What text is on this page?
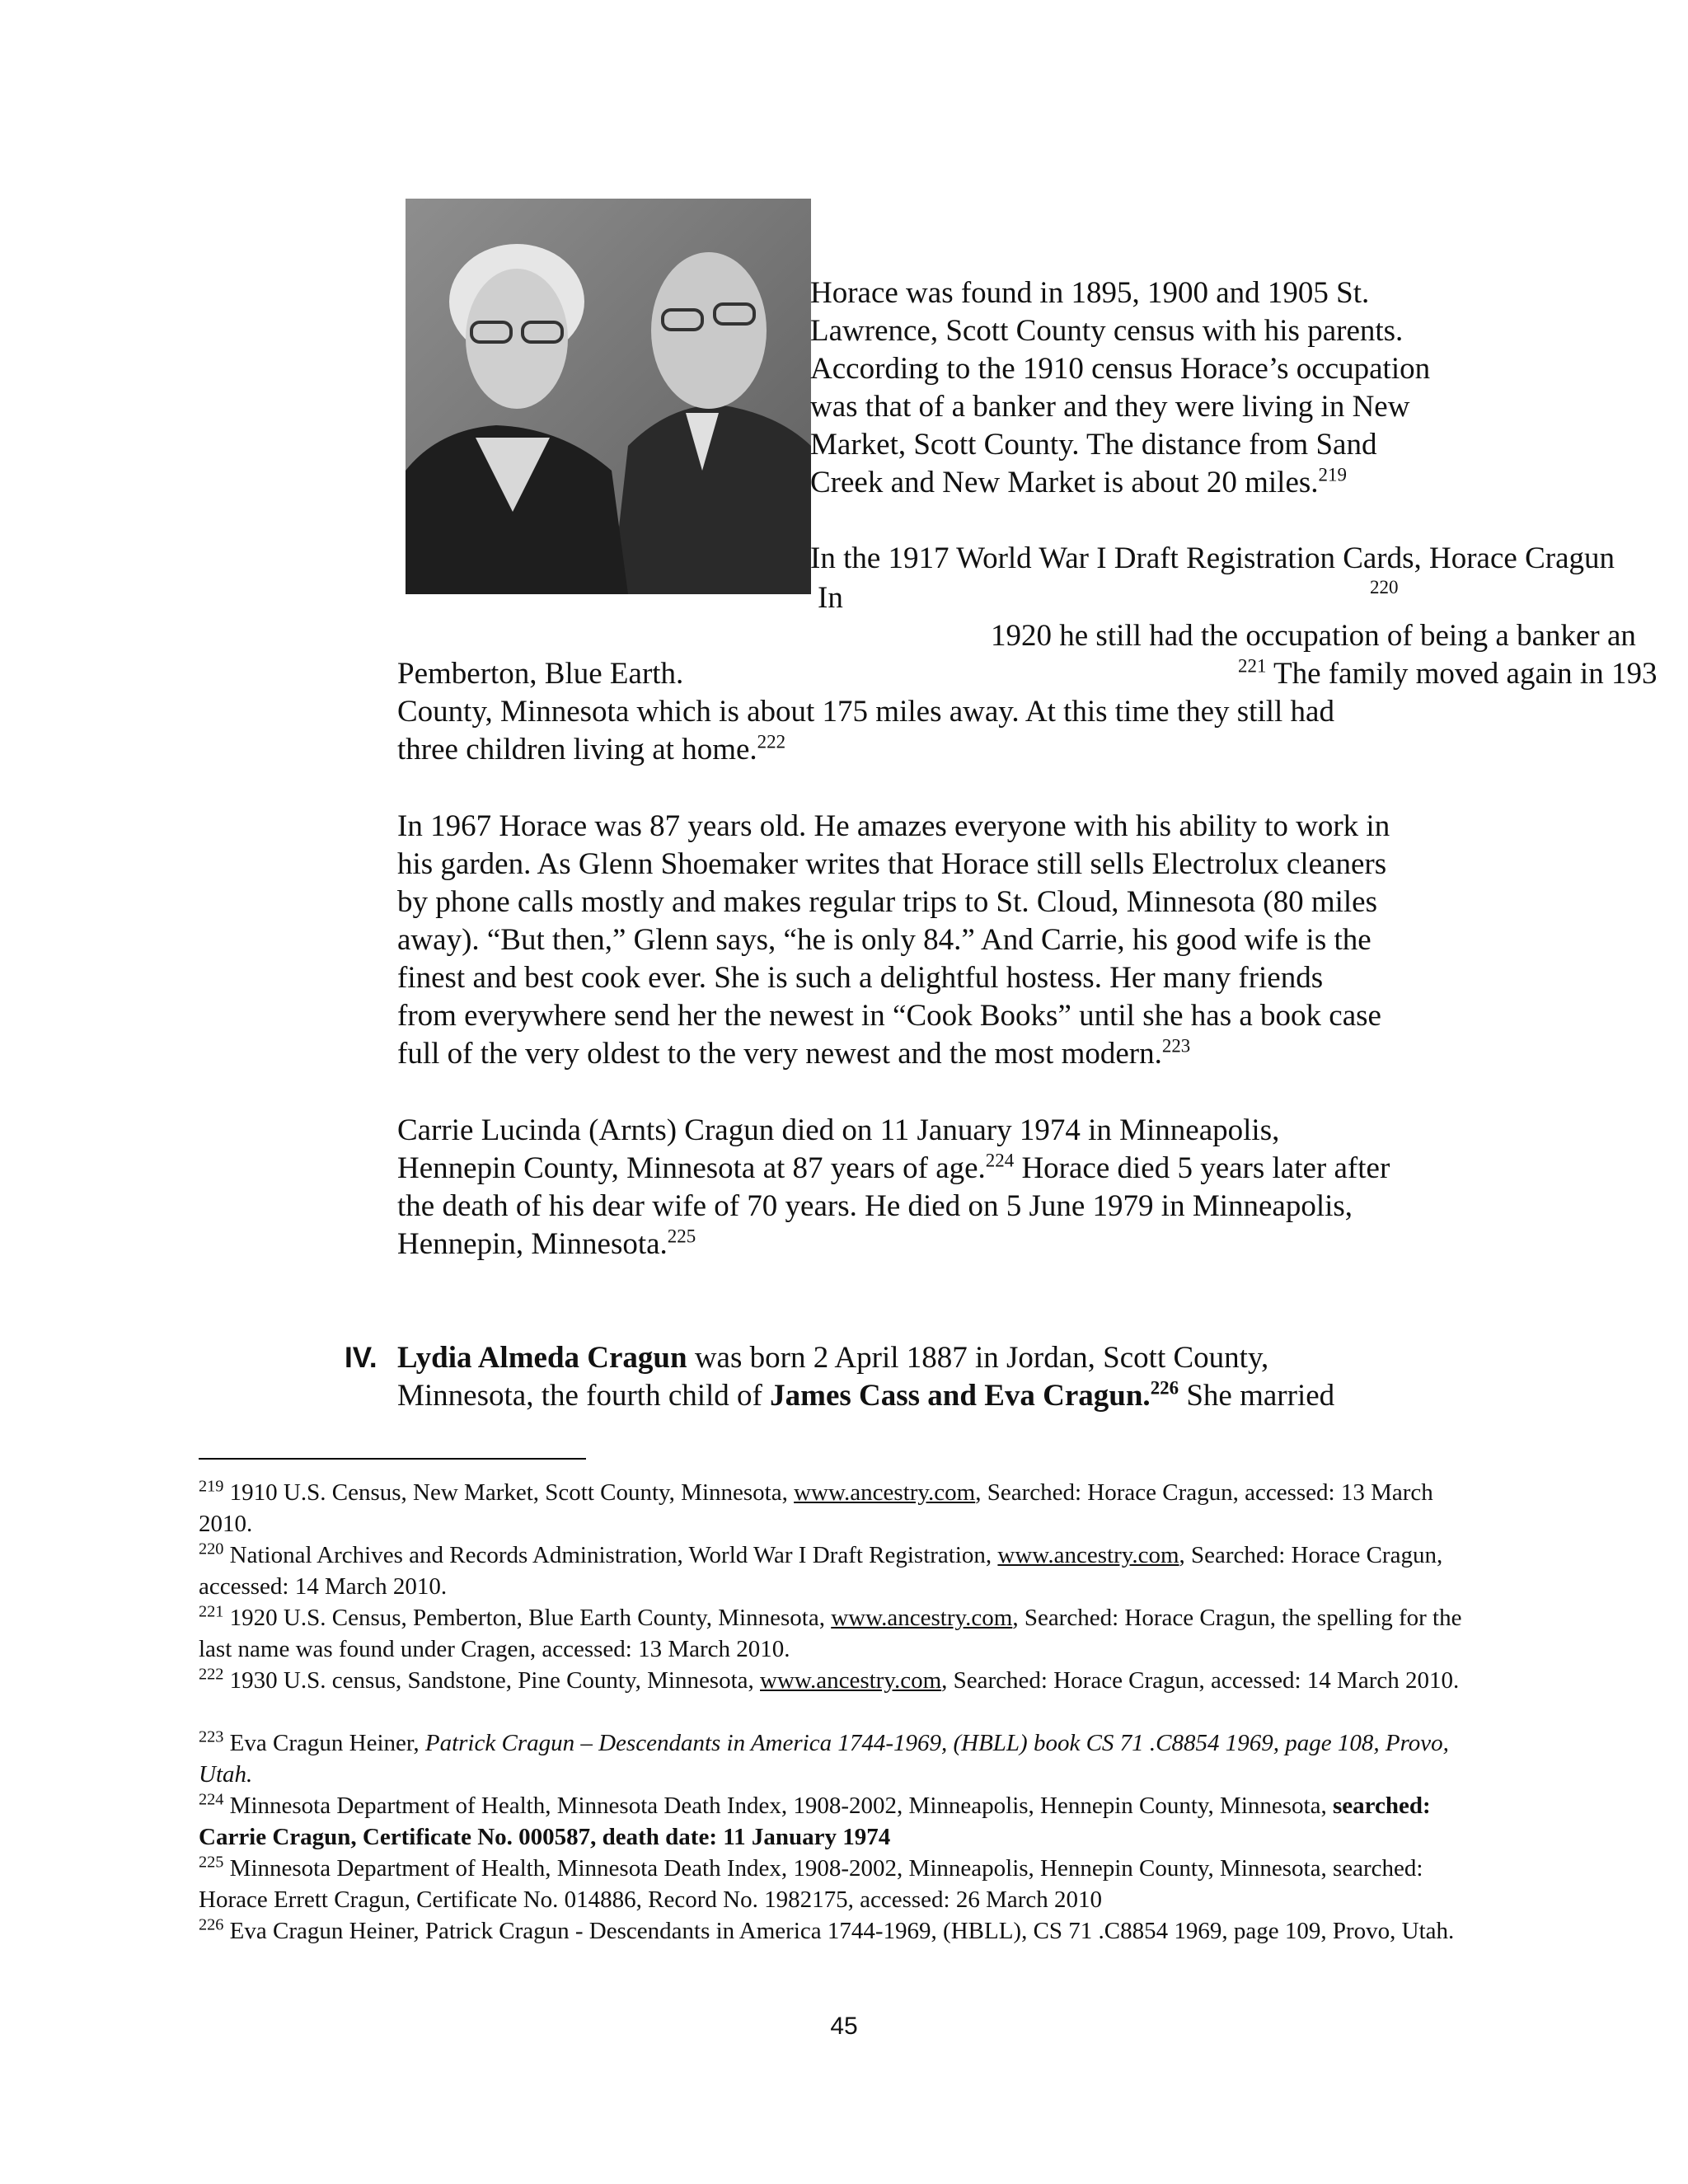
Horace was found in 1895, 1900 and 1905 St.
Lawrence, Scott County census with his parents.
According to the 1910 census Horace’s occupation
was that of a banker and they were living in New
Market, Scott County. The distance from Sand
Creek and New Market is about 20 miles.$^{219}$
In the 1917 World War I Draft Registration Cards, Horace Cragun
In	220
1920 he still had the occupation of being a banker an
Pemberton, Blue Earth.	$^{221}$ The family moved again in 193
County, Minnesota which is about 175 miles away. At this time they still had
three children living at home.$^{222}$
In 1967 Horace was 87 years old. He amazes everyone with his ability to work in
his garden. As Glenn Shoemaker writes that Horace still sells Electrolux cleaners
by phone calls mostly and makes regular trips to St. Cloud, Minnesota (80 miles
away). “But then,” Glenn says, “he is only 84.” And Carrie, his good wife is the
finest and best cook ever. She is such a delightful hostess. Her many friends
from everywhere send her the newest in “Cook Books” until she has a book case
full of the very oldest to the very newest and the most modern.$^{223}$
Carrie Lucinda (Arnts) Cragun died on 11 January 1974 in Minneapolis,
Hennepin County, Minnesota at 87 years of age.$^{224}$ Horace died 5 years later after
the death of his dear wife of 70 years. He died on 5 June 1979 in Minneapolis,
Hennepin, Minnesota.$^{225}$
IV. Lydia Almeda Cragun was born 2 April 1887 in Jordan, Scott County,
Minnesota, the fourth child of James Cass and Eva Cragun.$^{226}$ She married
$^{219}$ 1910 U.S. Census, New Market, Scott County, Minnesota, www.ancestry.com, Searched: Horace Cragun, accessed: 13 March 2010.
$^{220}$ National Archives and Records Administration, World War I Draft Registration, www.ancestry.com, Searched: Horace Cragun, accessed: 14 March 2010.
$^{221}$ 1920 U.S. Census, Pemberton, Blue Earth County, Minnesota, www.ancestry.com, Searched: Horace Cragun, the spelling for the last name was found under Cragen, accessed: 13 March 2010.
$^{222}$ 1930 U.S. census, Sandstone, Pine County, Minnesota, www.ancestry.com, Searched: Horace Cragun, accessed: 14 March 2010.
$^{223}$ Eva Cragun Heiner, Patrick Cragun – Descendants in America 1744-1969, (HBLL) book CS 71 .C8854 1969, page 108, Provo, Utah.
$^{224}$ Minnesota Department of Health, Minnesota Death Index, 1908-2002, Minneapolis, Hennepin County, Minnesota, searched: Carrie Cragun, Certificate No. 000587, death date: 11 January 1974
$^{225}$ Minnesota Department of Health, Minnesota Death Index, 1908-2002, Minneapolis, Hennepin County, Minnesota, searched: Horace Errett Cragun, Certificate No. 014886, Record No. 1982175, accessed: 26 March 2010
$^{226}$ Eva Cragun Heiner, Patrick Cragun - Descendants in America 1744-1969, (HBLL), CS 71 .C8854 1969, page 109, Provo, Utah.
45
